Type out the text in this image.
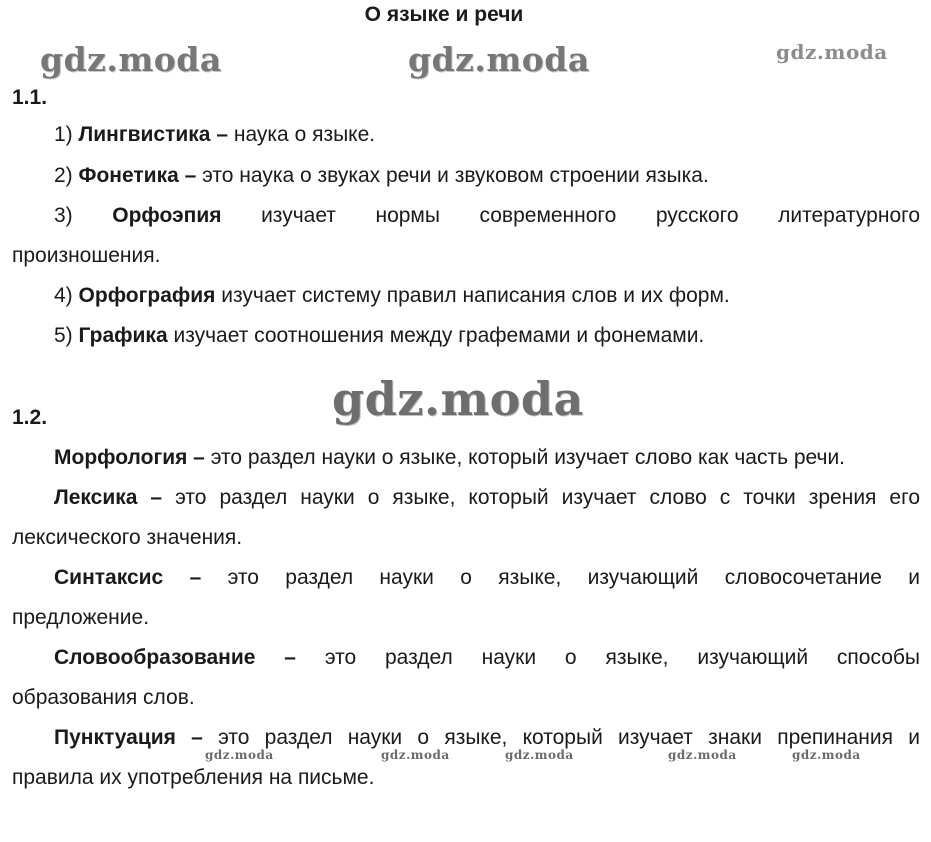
О языке и речи
gdz.moda	gdz.moda	gdz.moda
gdz.moda
gdz.moda	gdz.moda	gdz.moda	gdz.moda	gdz.moda
1.1.
1) Лингвистика – наука о языке.
2) Фонетика – это наука о звуках речи и звуковом строении языка.
3) Орфоэпия изучает нормы современного русского литературного
произношения.
4) Орфография изучает систему правил написания слов и их форм.
5) Графика изучает соотношения между графемами и фонемами.
1.2.
Морфология – это раздел науки о языке, который изучает слово как часть речи.
Лексика – это раздел науки о языке, который изучает слово с точки зрения его
лексического значения.
Синтаксис – это раздел науки о языке, изучающий словосочетание и
предложение.
Словообразование – это раздел науки о языке, изучающий способы
образования слов.
Пунктуация – это раздел науки о языке, который изучает знаки препинания и
правила их употребления на письме.
